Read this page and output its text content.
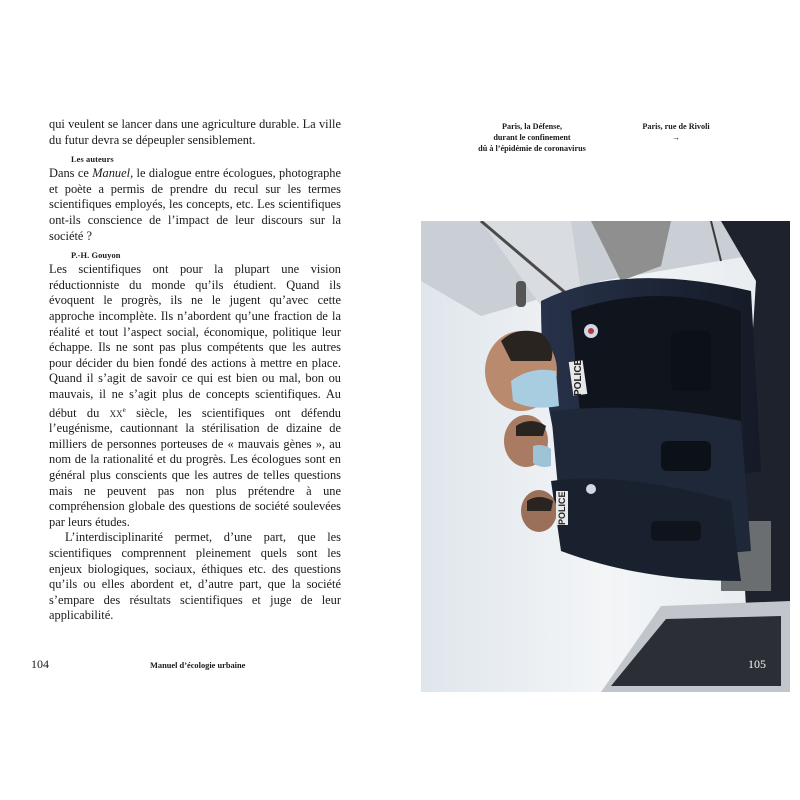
qui veulent se lancer dans une agriculture durable. La ville du futur devra se dépeupler sensiblement.

Les auteurs

Dans ce Manuel, le dialogue entre écologues, photographe et poète a permis de prendre du recul sur les termes scientifiques employés, les concepts, etc. Les scientifiques ont-ils conscience de l’impact de leur discours sur la société ?

P.-H. Gouyon

Les scientifiques ont pour la plupart une vision réductionniste du monde qu’ils étudient. Quand ils évoquent le progrès, ils ne le jugent qu’avec cette approche incomplète. Ils n’abordent qu’une fraction de la réalité et tout l’aspect social, économique, politique leur échappe. Ils ne sont pas plus compétents que les autres pour décider du bien fondé des actions à mettre en place. Quand il s’agit de savoir ce qui est bien ou mal, bon ou mauvais, il ne s’agit plus de concepts scientifiques. Au début du $xx^e$ siècle, les scientifiques ont défendu l’eugénisme, cautionnant la stérilisation de dizaine de milliers de personnes porteuses de « mauvais gènes », au nom de la rationalité et du progrès. Les écologues sont en général plus conscients que les autres de telles questions mais ne peuvent pas non plus prétendre à une compréhension globale des questions de société soulevées par leurs études.

L’interdisciplinarité permet, d’une part, que les scientifiques comprennent pleinement quels sont les enjeux biologiques, sociaux, éthiques etc. des questions qu’ils ou elles abordent et, d’autre part, que la société s’empare des résultats scientifiques et juge de leur applicabilité.

104	Manuel d’écologie urbaine
Paris, la Défense,
durant le confinement
dû à l’épidémie de coronavirus
Paris, rue de Rivoli
→
POLICE
POLICE
105
